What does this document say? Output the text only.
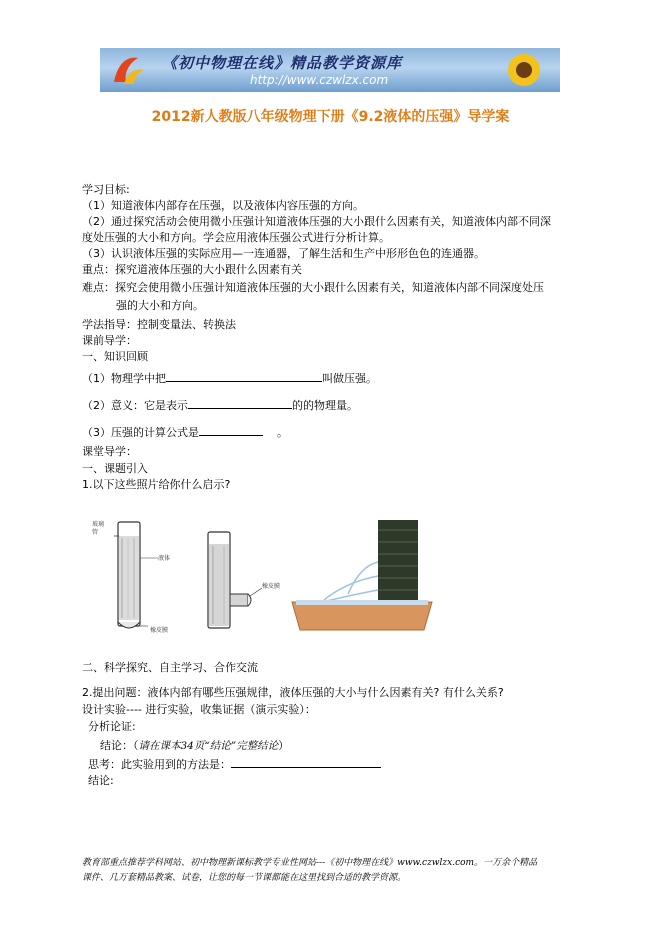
《初中物理在线》精品教学资源库
http://www.czwlzx.com
2012新人教版八年级物理下册《9.2液体的压强》导学案
学习目标:
（1）知道液体内部存在压强，以及液体内容压强的方向。
（2）通过探究活动会使用微小压强计知道液体压强的大小跟什么因素有关，知道液体内部不同深
度处压强的大小和方向。学会应用液体压强公式进行分析计算。
（3）认识液体压强的实际应用—一连通器，了解生活和生产中形形色色的连通器。
重点：探究道液体压强的大小跟什么因素有关
难点：探究会使用微小压强计知道液体压强的大小跟什么因素有关，知道液体内部不同深度处压
强的大小和方向。
学法指导：控制变量法、转换法
课前导学：
一、知识回顾
（1）物理学中把	叫做压强。
（2）意义：它是表示	的的物理量。
（3）压强的计算公式是	。
课堂导学：
一、课题引入
1.以下这些照片给你什么启示?
玻璃
管
液体
橡皮膜
橡皮膜
二、科学探究、自主学习、合作交流
2.提出问题：液体内部有哪些压强规律，液体压强的大小与什么因素有关? 有什么关系?
设计实验---- 进行实验，收集证据（演示实验）：
分析论证:
结论：（请在课本34页“结论”完整结论）
思考：此实验用到的方法是：
结论:
教育部重点推荐学科网站、初中物理新课标教学专业性网站---《初中物理在线》www.czwlzx.com。一万余个精品
课件、几万套精品教案、试卷，让您的每一节课都能在这里找到合适的教学资源。
